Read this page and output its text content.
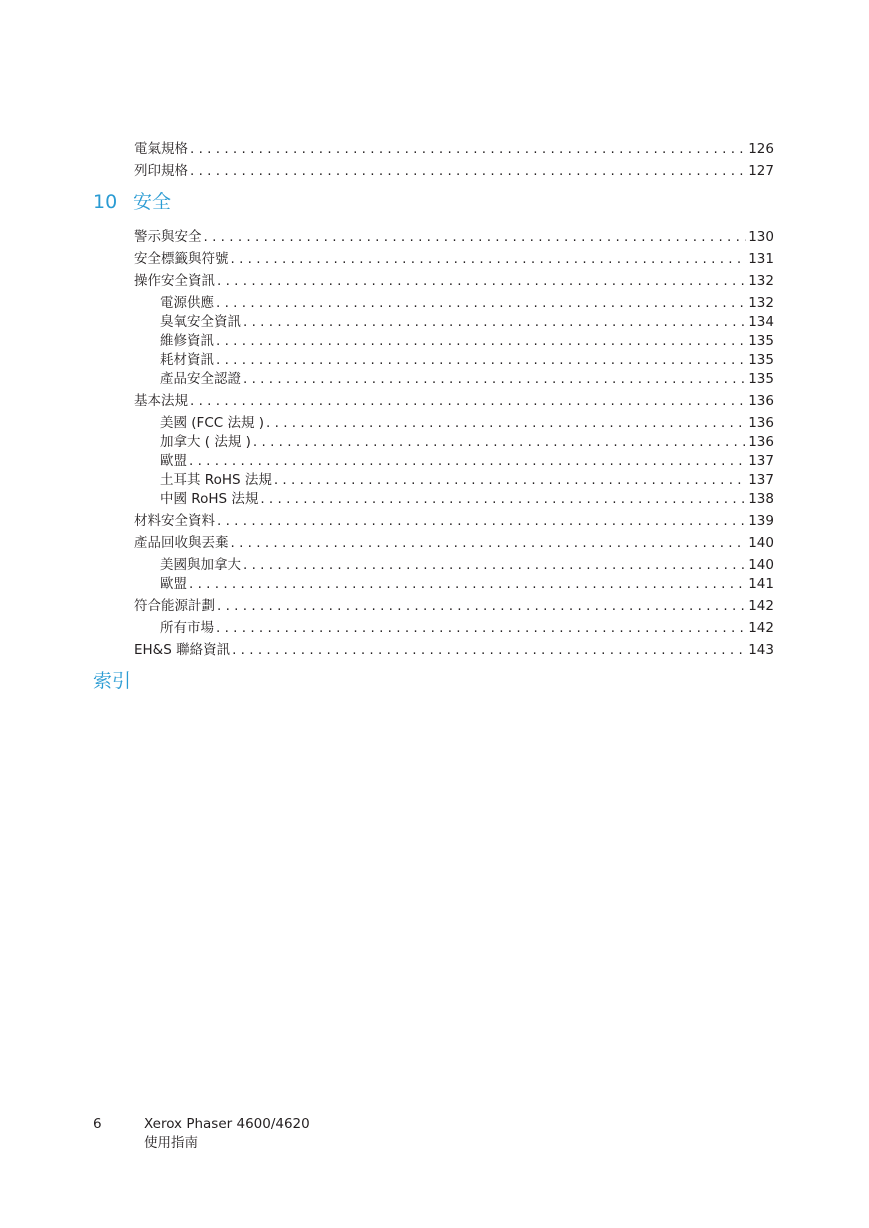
電氣規格 . . .	126
列印規格 . . .	127
10 安全
警示與安全 . . .	130
安全標籤與符號 . . .	131
操作安全資訊 . . .	132
電源供應 . . .	132
臭氧安全資訊 . . .	134
維修資訊 . . .	135
耗材資訊 . . .	135
產品安全認證 . . .	135
基本法規 . . .	136
美國 (FCC 法規 ) . . .	136
加拿大 ( 法規 ) . . .	136
歐盟 . . .	137
土耳其 RoHS 法規 . . .	137
中國 RoHS 法規 . . .	138
材料安全資料 . . .	139
產品回收與丟棄 . . .	140
美國與加拿大 . . .	140
歐盟 . . .	141
符合能源計劃 . . .	142
所有市場 . . .	142
EH&S 聯絡資訊 . . .	143
索引
6	Xerox Phaser 4600/4620
使用指南
